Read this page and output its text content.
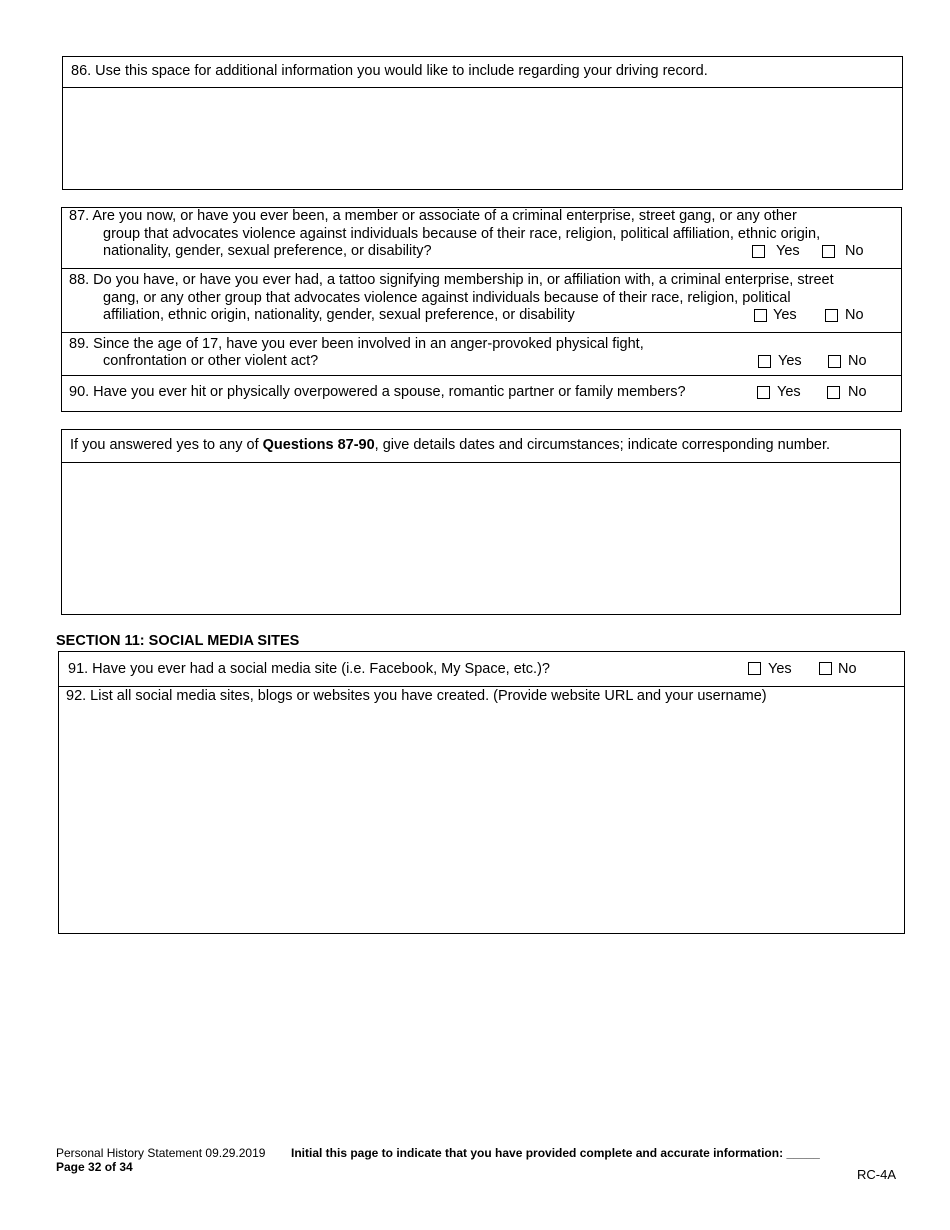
86. Use this space for additional information you would like to include regarding your driving record.
87. Are you now, or have you ever been, a member or associate of a criminal enterprise, street gang, or any other
group that advocates violence against individuals because of their race, religion, political affiliation, ethnic origin,
nationality, gender, sexual preference, or disability?	Yes	No
88. Do you have, or have you ever had, a tattoo signifying membership in, or affiliation with, a criminal enterprise, street
gang, or any other group that advocates violence against individuals because of their race, religion, political
affiliation, ethnic origin, nationality, gender, sexual preference, or disability	Yes	No
89. Since the age of 17, have you ever been involved in an anger-provoked physical fight,
confrontation or other violent act?	Yes	No
90. Have you ever hit or physically overpowered a spouse, romantic partner or family members?	Yes	No
If you answered yes to any of Questions 87-90, give details dates and circumstances; indicate corresponding number.
SECTION 11: SOCIAL MEDIA SITES
91. Have you ever had a social media site (i.e. Facebook, My Space, etc.)?	Yes	No
92. List all social media sites, blogs or websites you have created. (Provide website URL and your username)
Personal History Statement 09.29.2019 Initial this page to indicate that you have provided complete and accurate information: _____
Page 32 of 34	RC-4A
